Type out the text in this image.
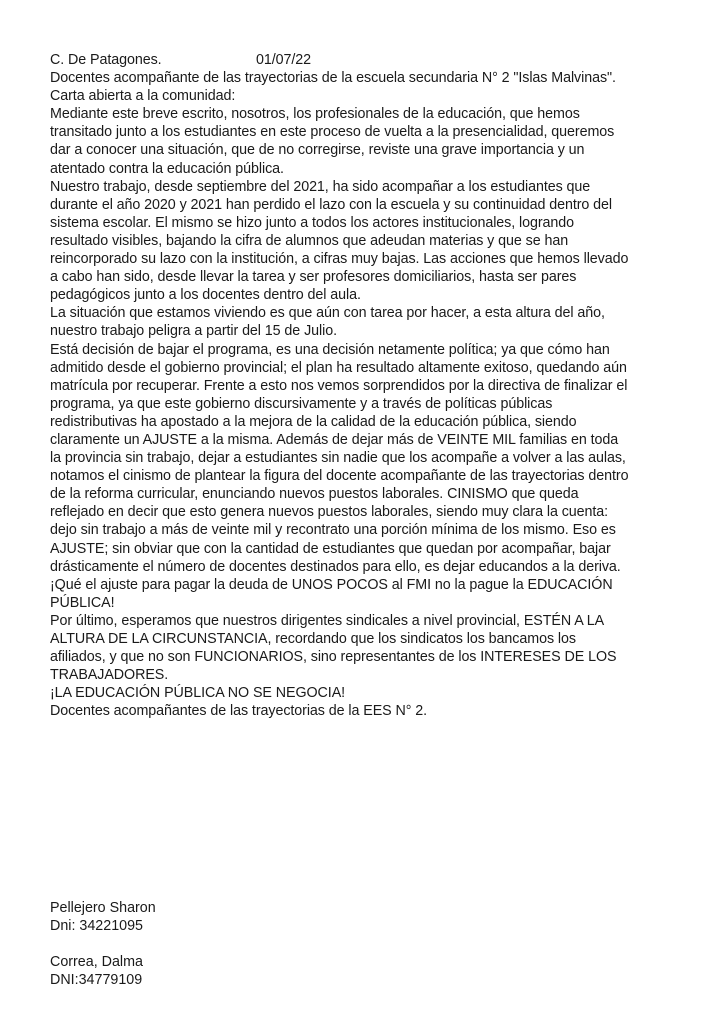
C. De Patagones.	01/07/22
Docentes acompañante de las trayectorias de la escuela secundaria N° 2 "Islas Malvinas".
Carta abierta a la comunidad:
Mediante este breve escrito, nosotros, los profesionales de la educación, que hemos
transitado junto a los estudiantes en este proceso de vuelta a la presencialidad, queremos
dar a conocer una situación, que de no corregirse, reviste una grave importancia y un
atentado contra la educación pública.
Nuestro trabajo, desde septiembre del 2021, ha sido acompañar a los estudiantes que
durante el año 2020 y 2021 han perdido el lazo con la escuela y su continuidad dentro del
sistema escolar. El mismo se hizo junto a todos los actores institucionales, logrando
resultado visibles, bajando la cifra de alumnos que adeudan materias y que se han
reincorporado su lazo con la institución, a cifras muy bajas. Las acciones que hemos llevado
a cabo han sido, desde llevar la tarea y ser profesores domiciliarios, hasta ser pares
pedagógicos junto a los docentes dentro del aula.
La situación que estamos viviendo es que aún con tarea por hacer, a esta altura del año,
nuestro trabajo peligra a partir del 15 de Julio.
Está decisión de bajar el programa, es una decisión netamente política; ya que cómo han
admitido desde el gobierno provincial; el plan ha resultado altamente exitoso, quedando aún
matrícula por recuperar. Frente a esto nos vemos sorprendidos por la directiva de finalizar el
programa, ya que este gobierno discursivamente y a través de políticas públicas
redistributivas ha apostado a la mejora de la calidad de la educación pública, siendo
claramente un AJUSTE a la misma. Además de dejar más de VEINTE MIL familias en toda
la provincia sin trabajo, dejar a estudiantes sin nadie que los acompañe a volver a las aulas,
notamos el cinismo de plantear la figura del docente acompañante de las trayectorias dentro
de la reforma curricular, enunciando nuevos puestos laborales. CINISMO que queda
reflejado en decir que esto genera nuevos puestos laborales, siendo muy clara la cuenta:
dejo sin trabajo a más de veinte mil y recontrato una porción mínima de los mismo. Eso es
AJUSTE; sin obviar que con la cantidad de estudiantes que quedan por acompañar, bajar
drásticamente el número de docentes destinados para ello, es dejar educandos a la deriva.
¡Qué el ajuste para pagar la deuda de UNOS POCOS al FMI no la pague la EDUCACIÓN
PÚBLICA!
Por último, esperamos que nuestros dirigentes sindicales a nivel provincial, ESTÉN A LA
ALTURA DE LA CIRCUNSTANCIA, recordando que los sindicatos los bancamos los
afiliados, y que no son FUNCIONARIOS, sino representantes de los INTERESES DE LOS
TRABAJADORES.
¡LA EDUCACIÓN PÚBLICA NO SE NEGOCIA!
Docentes acompañantes de las trayectorias de la EES N° 2.
Pellejero Sharon
Dni: 34221095
Correa, Dalma
DNI:34779109
